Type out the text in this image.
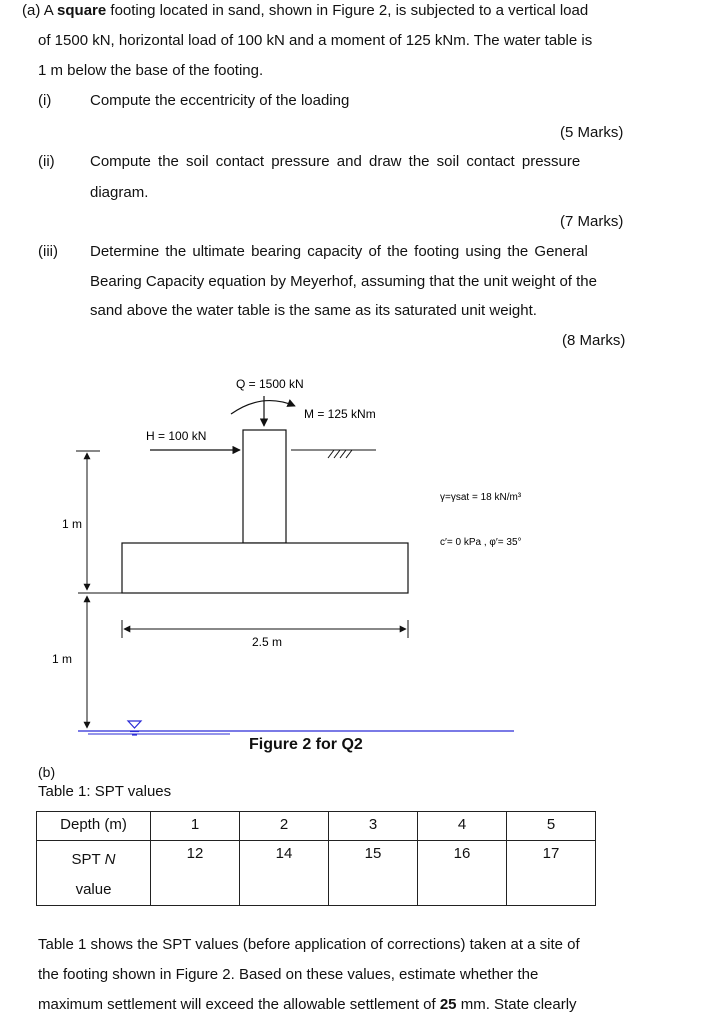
(a) A square footing located in sand, shown in Figure 2, is subjected to a vertical load
of 1500 kN, horizontal load of 100 kN and a moment of 125 kNm. The water table is
1 m below the base of the footing.
(i)	Compute the eccentricity of the loading
(5 Marks)
(ii) Compute the soil contact pressure and draw the soil contact pressure
diagram.
(7 Marks)
(iii) Determine the ultimate bearing capacity of the footing using the General
Bearing Capacity equation by Meyerhof, assuming that the unit weight of the
sand above the water table is the same as its saturated unit weight.
(8 Marks)
Q = 1500 kN
M = 125 kNm
H = 100 kN
1 m
1 m
2.5 m
γ=γsat = 18 kN/m³
c′= 0 kPa , φ′= 35°
Figure 2 for Q2
(b)
Table 1: SPT values
Depth (m)	1	2	3	4	5
SPT N
value	12	14	15	16	17
Table 1 shows the SPT values (before application of corrections) taken at a site of
the footing shown in Figure 2. Based on these values, estimate whether the
maximum settlement will exceed the allowable settlement of 25 mm. State clearly
